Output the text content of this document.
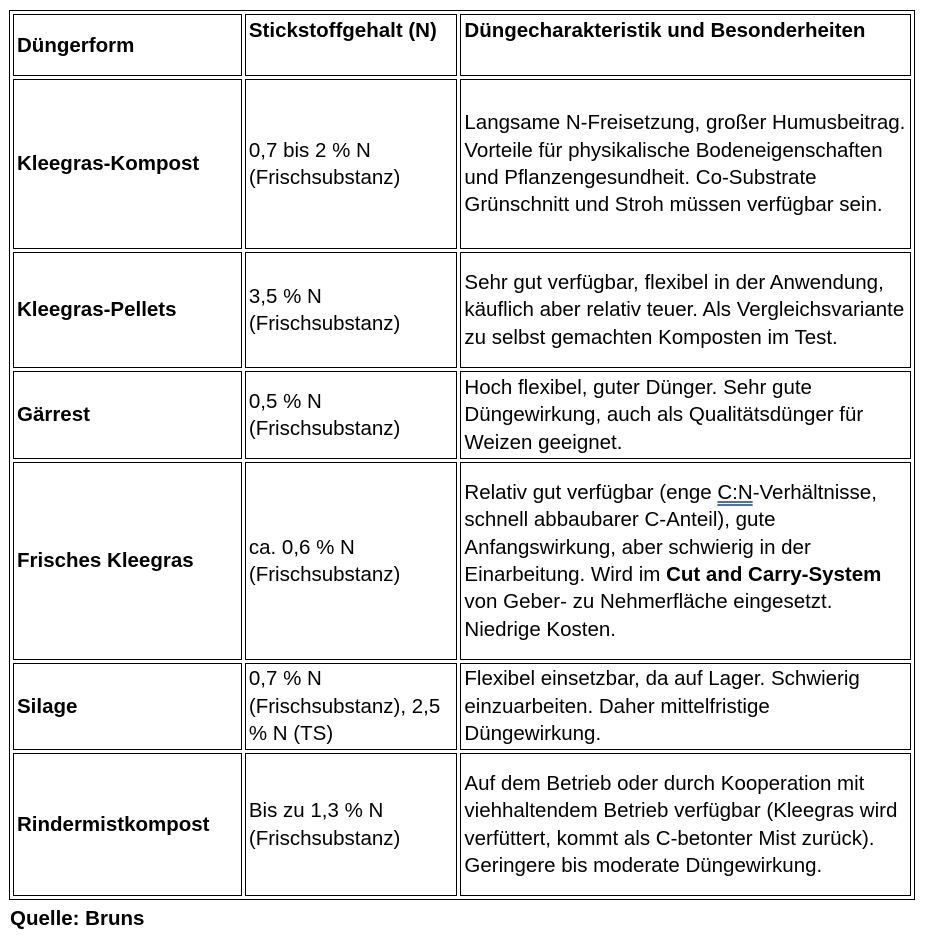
Düngerform	Stickstoffgehalt (N)	Düngecharakteristik und Besonderheiten
Kleegras-Kompost	0,7 bis 2 % N (Frischsubstanz)	Langsame N-Freisetzung, großer Humusbeitrag. Vorteile für physikalische Bodeneigenschaften und Pflanzengesundheit. Co-Substrate Grünschnitt und Stroh müssen verfügbar sein.
Kleegras-Pellets	3,5 % N (Frischsubstanz)	Sehr gut verfügbar, flexibel in der Anwendung, käuflich aber relativ teuer. Als Vergleichsvariante zu selbst gemachten Komposten im Test.
Gärrest	0,5 % N (Frischsubstanz)	Hoch flexibel, guter Dünger. Sehr gute Düngewirkung, auch als Qualitätsdünger für Weizen geeignet.
Frisches Kleegras	ca. 0,6 % N (Frischsubstanz)	Relativ gut verfügbar (enge C:N-Verhältnisse, schnell abbaubarer C-Anteil), gute Anfangswirkung, aber schwierig in der Einarbeitung. Wird im Cut and Carry-System von Geber- zu Nehmerfläche eingesetzt. Niedrige Kosten.
Silage	0,7 % N (Frischsubstanz), 2,5 % N (TS)	Flexibel einsetzbar, da auf Lager. Schwierig einzuarbeiten. Daher mittelfristige Düngewirkung.
Rindermistkompost	Bis zu 1,3 % N (Frischsubstanz)	Auf dem Betrieb oder durch Kooperation mit viehhaltendem Betrieb verfügbar (Kleegras wird verfüttert, kommt als C-betonter Mist zurück). Geringere bis moderate Düngewirkung.
Quelle: Bruns
